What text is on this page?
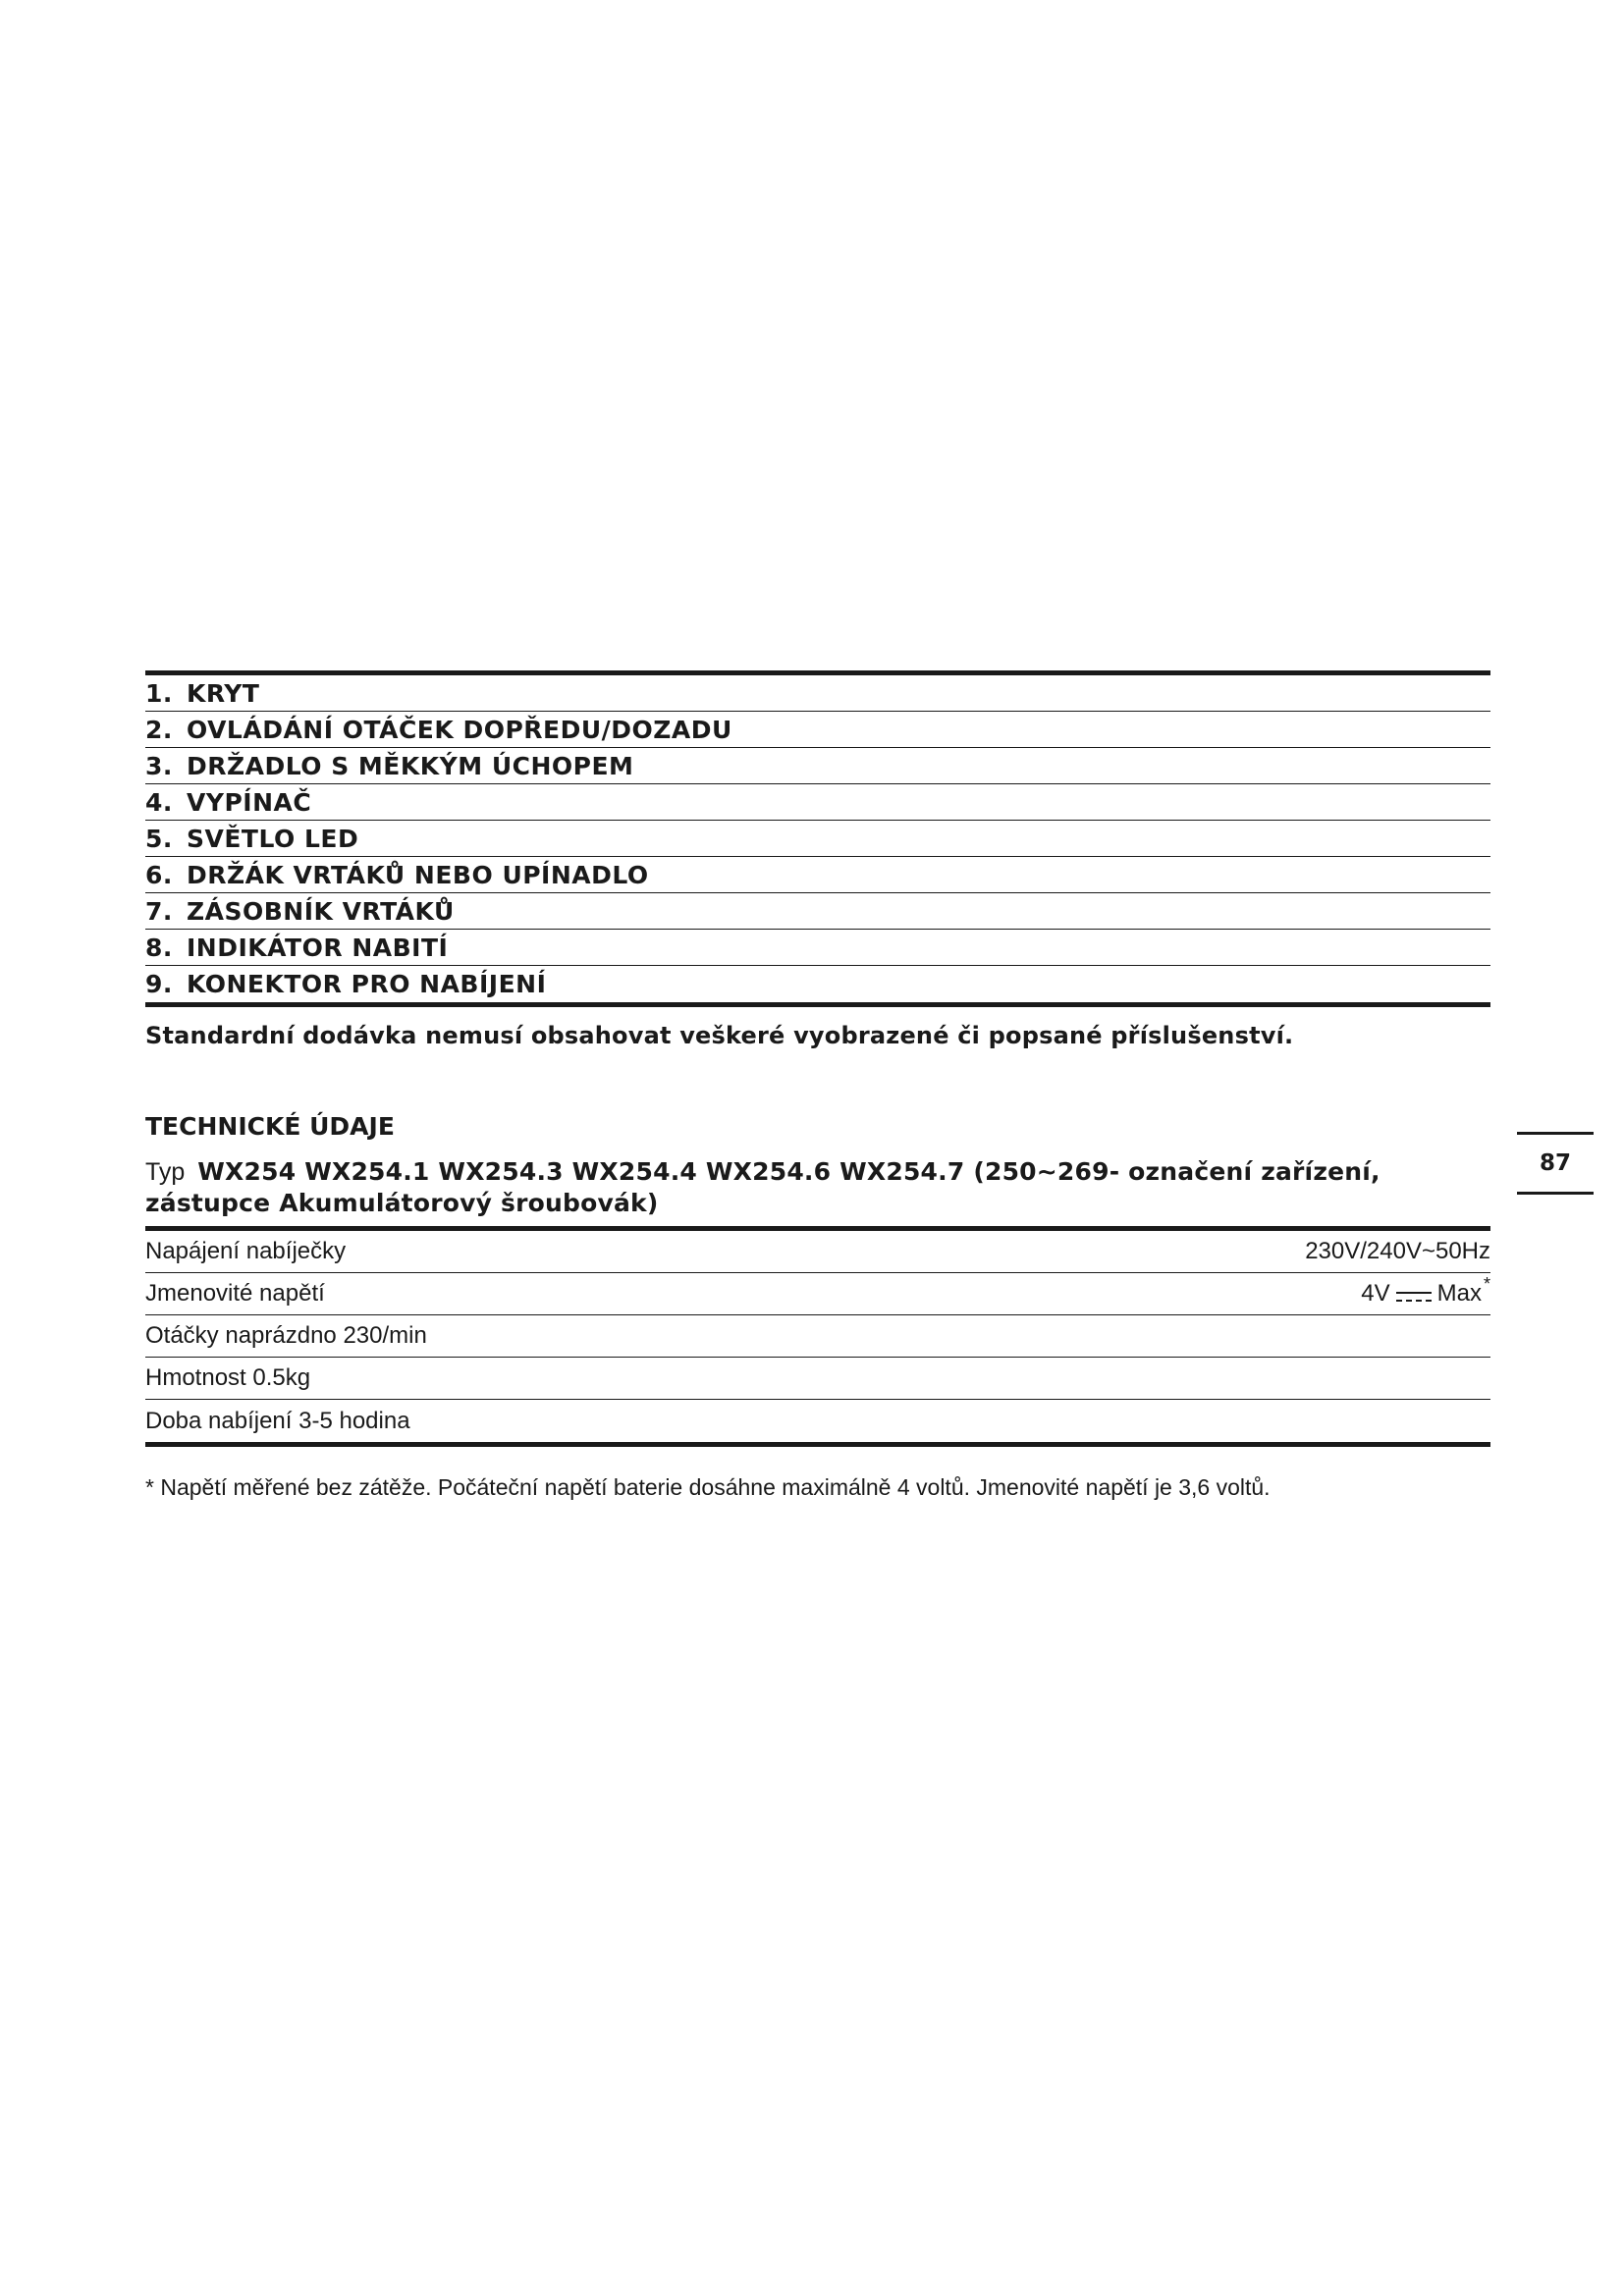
1. KRYT
2. OVLÁDÁNÍ OTÁČEK DOPŘEDU/DOZADU
3. DRŽADLO S MĚKKÝM ÚCHOPEM
4. VYPÍNAČ
5. SVĚTLO LED
6. DRŽÁK VRTÁKŮ NEBO UPÍNADLO
7. ZÁSOBNÍK VRTÁKŮ
8. INDIKÁTOR NABITÍ
9. KONEKTOR PRO NABÍJENÍ
Standardní dodávka nemusí obsahovat veškeré vyobrazené či popsané příslušenství.
TECHNICKÉ ÚDAJE
Typ WX254 WX254.1 WX254.3 WX254.4 WX254.6 WX254.7 (250~269- označení zařízení, zástupce Akumulátorový šroubovák)
Napájení nabíječky	230V/240V~50Hz
Jmenovité napětí	4V Max *
Otáčky naprázdno 230/min
Hmotnost 0.5kg
Doba nabíjení 3-5 hodina
* Napětí měřené bez zátěže. Počáteční napětí baterie dosáhne maximálně 4 voltů. Jmenovité napětí je 3,6 voltů.
87
